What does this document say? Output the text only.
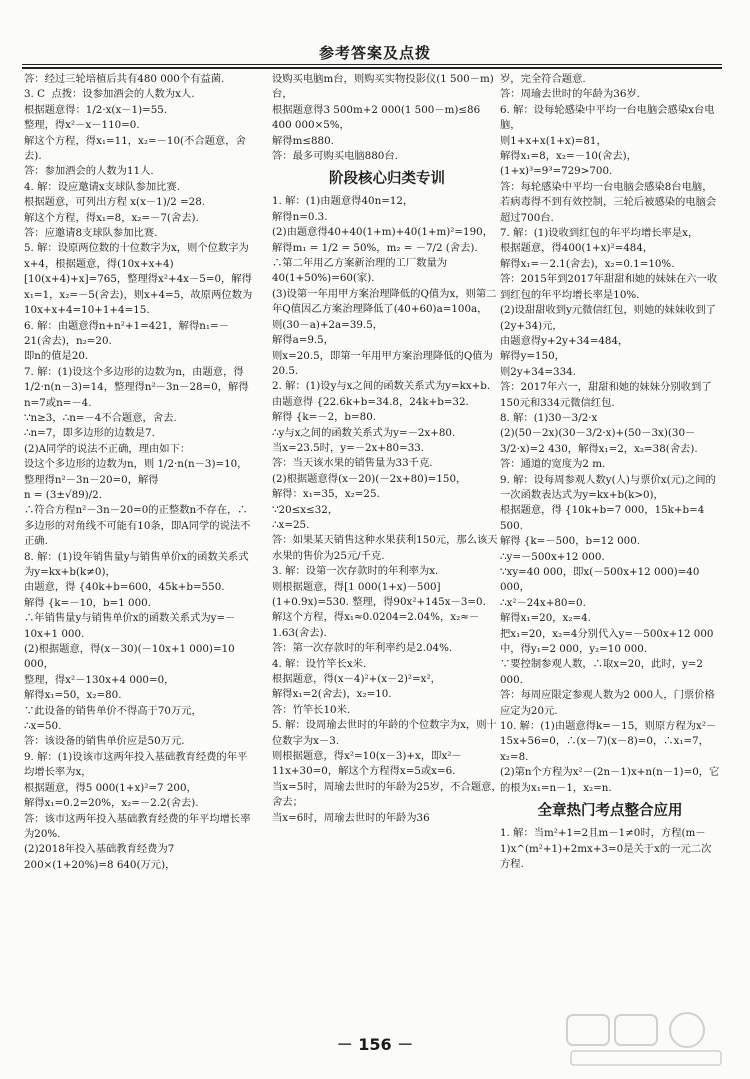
参考答案及点拨

答：经过三轮培植后共有480 000个有益菌.

3. C  点拨：设参加酒会的人数为x人.

根据题意得：1/2·x(x－1)=55.

整理，得x²－x－110=0.

解这个方程，得x₁=11，x₂=－10(不合题意，舍去).

答：参加酒会的人数为11人.

4. 解：设应邀请x支球队参加比赛.

根据题意，可列出方程 x(x－1)/2 =28.

解这个方程，得x₁=8，x₂=－7(舍去).

答：应邀请8支球队参加比赛.

5. 解：设原两位数的十位数字为x，则个位数字为x+4，根据题意，得(10x+x+4)[10(x+4)+x]=765，整理得x²+4x－5=0，解得x₁=1，x₂=－5(舍去)，则x+4=5，故原两位数为10x+x+4=10+1+4=15.

6. 解：由题意得n+n²+1=421，解得n₁=－21(舍去)，n₂=20.

即n的值是20.

7. 解：(1)设这个多边形的边数为n，由题意，得 1/2·n(n－3)=14，整理得n²－3n－28=0，解得n=7或n=－4.

∵n≥3，∴n=－4不合题意，舍去.

∴n=7，即多边形的边数是7.

(2)A同学的说法不正确，理由如下：

设这个多边形的边数为n，则 1/2·n(n－3)=10，整理得n²－3n－20=0，解得

n = (3±√89)/2.

∴符合方程n²－3n－20=0的正整数n不存在，∴多边形的对角线不可能有10条，即A同学的说法不正确.

8. 解：(1)设年销售量y与销售单价x的函数关系式为y=kx+b(k≠0)，

由题意，得 {40k+b=600，45k+b=550.

解得 {k=－10，b=1 000.

∴年销售量y与销售单价x的函数关系式为y=－10x+1 000.

(2)根据题意，得(x－30)(－10x+1 000)=10 000，

整理，得x²－130x+4 000=0，

解得x₁=50，x₂=80.

∵此设备的销售单价不得高于70万元，

∴x=50.

答：该设备的销售单价应是50万元.

9. 解：(1)设该市这两年投入基础教育经费的年平均增长率为x，

根据题意，得5 000(1+x)²=7 200，

解得x₁=0.2=20%，x₂=－2.2(舍去).

答：该市这两年投入基础教育经费的年平均增长率为20%.

(2)2018年投入基础教育经费为7 200×(1+20%)=8 640(万元)，

设购买电脑m台，则购买实物投影仪(1 500－m)台，

根据题意得3 500m+2 000(1 500－m)≤86 400 000×5%，

解得m≤880.

答：最多可购买电脑880台.

阶段核心归类专训

1. 解：(1)由题意得40n=12，

解得n=0.3.

(2)由题意得40+40(1+m)+40(1+m)²=190，

解得m₁ = 1/2 = 50%，m₂ = －7/2 (舍去).

∴第二年用乙方案新治理的工厂数量为40(1+50%)=60(家).

(3)设第一年用甲方案治理降低的Q值为x，则第二年Q值因乙方案治理降低了(40+60)a=100a，

则(30－a)+2a=39.5，

解得a=9.5，

则x=20.5，即第一年用甲方案治理降低的Q值为20.5.

2. 解：(1)设y与x之间的函数关系式为y=kx+b.

由题意得 {22.6k+b=34.8，24k+b=32.

解得 {k=－2，b=80.

∴y与x之间的函数关系式为y=－2x+80.

当x=23.5时，y=－2x+80=33.

答：当天该水果的销售量为33千克.

(2)根据题意得(x－20)(－2x+80)=150，

解得：x₁=35，x₂=25.

∵20≤x≤32，

∴x=25.

答：如果某天销售这种水果获利150元，那么该天水果的售价为25元/千克.

3. 解：设第一次存款时的年利率为x.

则根据题意，得[1 000(1+x)－500](1+0.9x)=530. 整理，得90x²+145x－3=0.

解这个方程，得x₁≈0.0204=2.04%，x₂≈－1.63(舍去).

答：第一次存款时的年利率约是2.04%.

4. 解：设竹竿长x米.

根据题意，得(x－4)²+(x－2)²=x²，

解得x₁=2(舍去)，x₂=10.

答：竹竿长10米.

5. 解：设周瑜去世时的年龄的个位数字为x，则十位数字为x－3.

则根据题意，得x²=10(x－3)+x，即x²－11x+30=0，解这个方程得x=5或x=6.

当x=5时，周瑜去世时的年龄为25岁，不合题意，舍去；

当x=6时，周瑜去世时的年龄为36

岁，完全符合题意.

答：周瑜去世时的年龄为36岁.

6. 解：设每轮感染中平均一台电脑会感染x台电脑，

则1+x+x(1+x)=81，

解得x₁=8，x₂=－10(舍去)，

(1+x)³=9³=729>700.

答：每轮感染中平均一台电脑会感染8台电脑，若病毒得不到有效控制，三轮后被感染的电脑会超过700台.

7. 解：(1)设收到红包的年平均增长率是x，

根据题意，得400(1+x)²=484，

解得x₁=－2.1(舍去)，x₂=0.1=10%.

答：2015年到2017年甜甜和她的妹妹在六一收到红包的年平均增长率是10%.

(2)设甜甜收到y元微信红包，则她的妹妹收到了(2y+34)元，

由题意得y+2y+34=484，

解得y=150，

则2y+34=334.

答：2017年六一，甜甜和她的妹妹分别收到了150元和334元微信红包.

8. 解：(1)30－3/2·x

(2)(50－2x)(30－3/2·x)+(50－3x)(30－3/2·x)=2 430，解得x₁=2，x₂=38(舍去).

答：通道的宽度为2 m.

9. 解：设每周参观人数y(人)与票价x(元)之间的一次函数表达式为y=kx+b(k>0)，

根据题意，得 {10k+b=7 000，15k+b=4 500.

解得 {k=－500，b=12 000.

∴y=－500x+12 000.

∵xy=40 000，即x(－500x+12 000)=40 000，

∴x²－24x+80=0.

解得x₁=20，x₂=4.

把x₁=20，x₂=4分别代入y=－500x+12 000中，得y₁=2 000，y₂=10 000.

∵要控制参观人数，∴取x=20，此时，y=2 000.

答：每周应限定参观人数为2 000人，门票价格应定为20元.

10. 解：(1)由题意得k=－15，则原方程为x²－15x+56=0，∴(x－7)(x－8)=0，∴x₁=7，x₂=8.

(2)第n个方程为x²－(2n－1)x+n(n－1)=0，它的根为x₁=n－1，x₂=n.

全章热门考点整合应用

1. 解：当m²+1=2且m－1≠0时，方程(m－1)x^(m²+1)+2mx+3=0是关于x的一元二次方程.

－ 156 －
